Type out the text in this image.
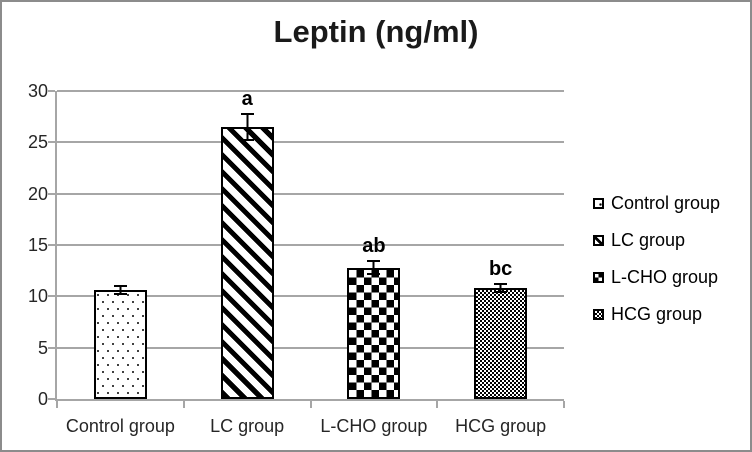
Leptin (ng/ml)
a
ab
bc
0
5
10
15
20
25
30
Control group	LC group	L-CHO group	HCG group
Control group
LC group
L-CHO group
HCG group
